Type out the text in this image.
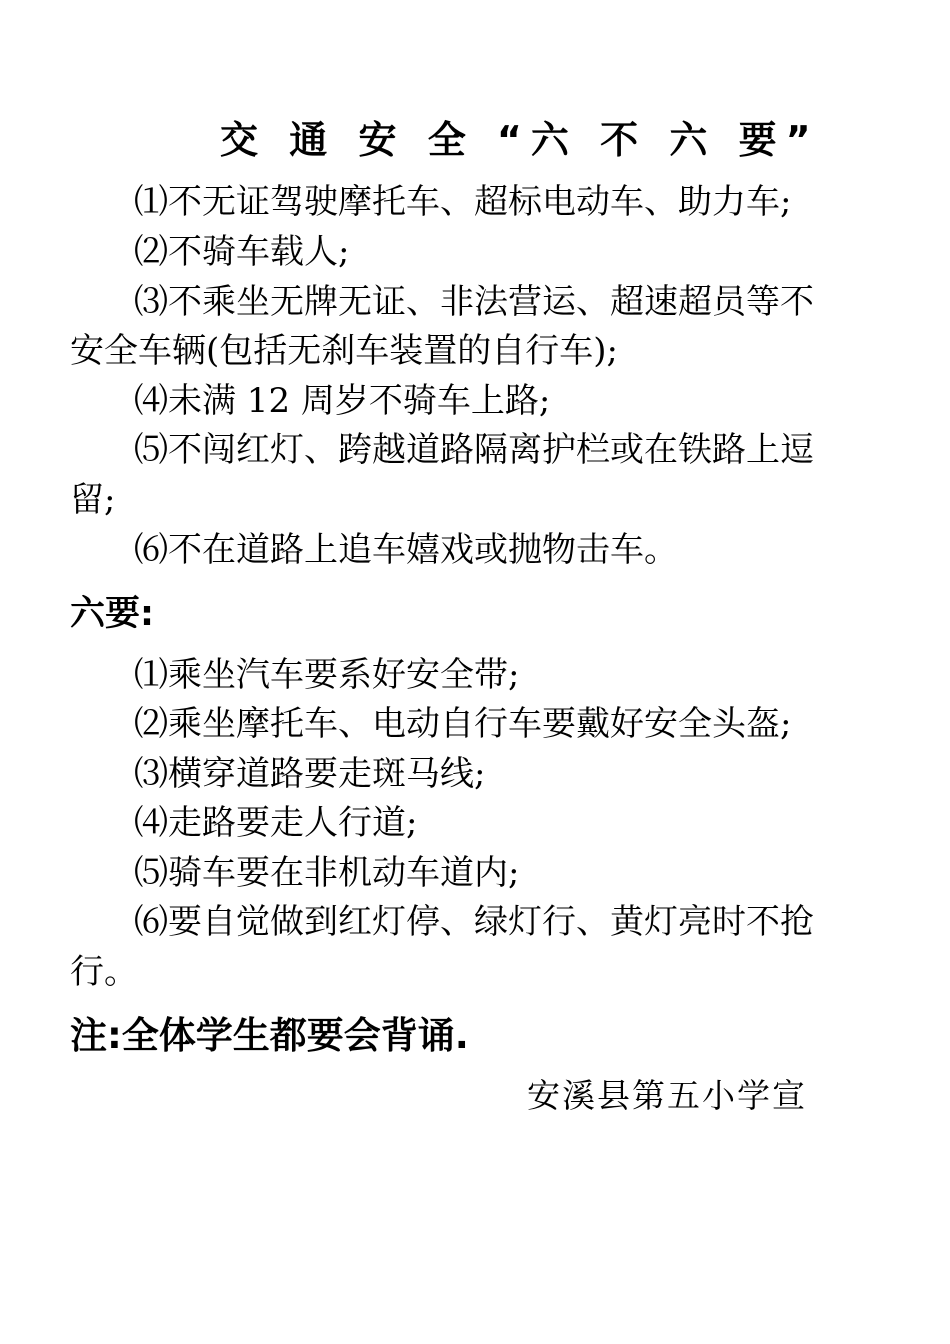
交 通 安 全 “六 不 六 要”
⑴不无证驾驶摩托车、超标电动车、助力车;
⑵不骑车载人;
⑶不乘坐无牌无证、非法营运、超速超员等不
安全车辆(包括无刹车装置的自行车);
⑷未满 12 周岁不骑车上路;
⑸不闯红灯、跨越道路隔离护栏或在铁路上逗
留;
⑹不在道路上追车嬉戏或抛物击车。
六要:
⑴乘坐汽车要系好安全带;
⑵乘坐摩托车、电动自行车要戴好安全头盔;
⑶横穿道路要走斑马线;
⑷走路要走人行道;
⑸骑车要在非机动车道内;
⑹要自觉做到红灯停、绿灯行、黄灯亮时不抢
行。
注:全体学生都要会背诵.
安溪县第五小学宣
